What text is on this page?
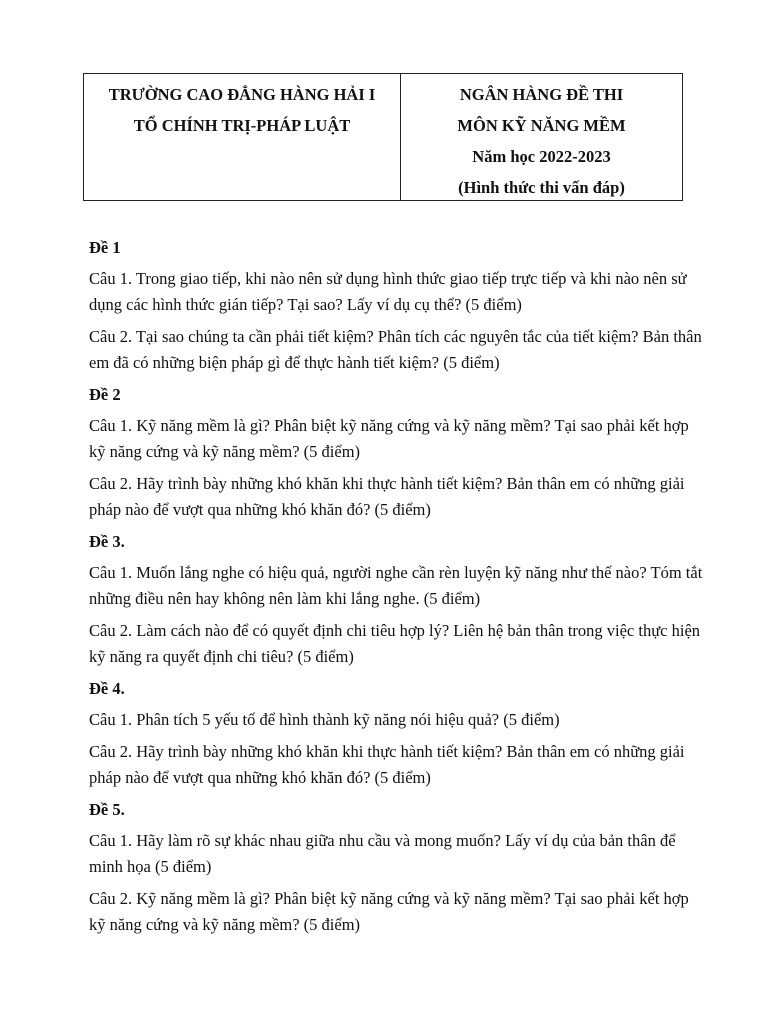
TRƯỜNG CAO ĐẲNG HÀNG HẢI I
TỔ CHÍNH TRỊ-PHÁP LUẬT
NGÂN HÀNG ĐỀ THI
MÔN KỸ NĂNG MỀM
Năm học 2022-2023
(Hình thức thi vấn đáp)
Đề 1
Câu 1. Trong giao tiếp, khi nào nên sử dụng hình thức giao tiếp trực tiếp và khi nào nên sử dụng các hình thức gián tiếp? Tại sao? Lấy ví dụ cụ thể? (5 điểm)
Câu 2. Tại sao chúng ta cần phải tiết kiệm? Phân tích các nguyên tắc của tiết kiệm? Bản thân em đã có những biện pháp gì để thực hành tiết kiệm? (5 điểm)
Đề 2
Câu 1. Kỹ năng mềm là gì? Phân biệt kỹ năng cứng và kỹ năng mềm? Tại sao phải kết hợp kỹ năng cứng và kỹ năng mềm? (5 điểm)
Câu 2. Hãy trình bày những khó khăn khi thực hành tiết kiệm? Bản thân em có những giải pháp nào để vượt qua những khó khăn đó? (5 điểm)
Đề 3.
Câu 1. Muốn lắng nghe có hiệu quả, người nghe cần rèn luyện kỹ năng như thế nào? Tóm tắt những điều nên hay không nên làm khi lắng nghe. (5 điểm)
Câu 2. Làm cách nào để có quyết định chi tiêu hợp lý? Liên hệ bản thân trong việc thực hiện kỹ năng ra quyết định chi tiêu? (5 điểm)
Đề 4.
Câu 1. Phân tích 5 yếu tố để hình thành kỹ năng nói hiệu quả? (5 điểm)
Câu 2. Hãy trình bày những khó khăn khi thực hành tiết kiệm? Bản thân em có những giải pháp nào để vượt qua những khó khăn đó? (5 điểm)
Đề 5.
Câu 1. Hãy làm rõ sự khác nhau giữa nhu cầu và mong muốn? Lấy ví dụ của bản thân để minh họa (5 điểm)
Câu 2. Kỹ năng mềm là gì? Phân biệt kỹ năng cứng và kỹ năng mềm? Tại sao phải kết hợp kỹ năng cứng và kỹ năng mềm? (5 điểm)
